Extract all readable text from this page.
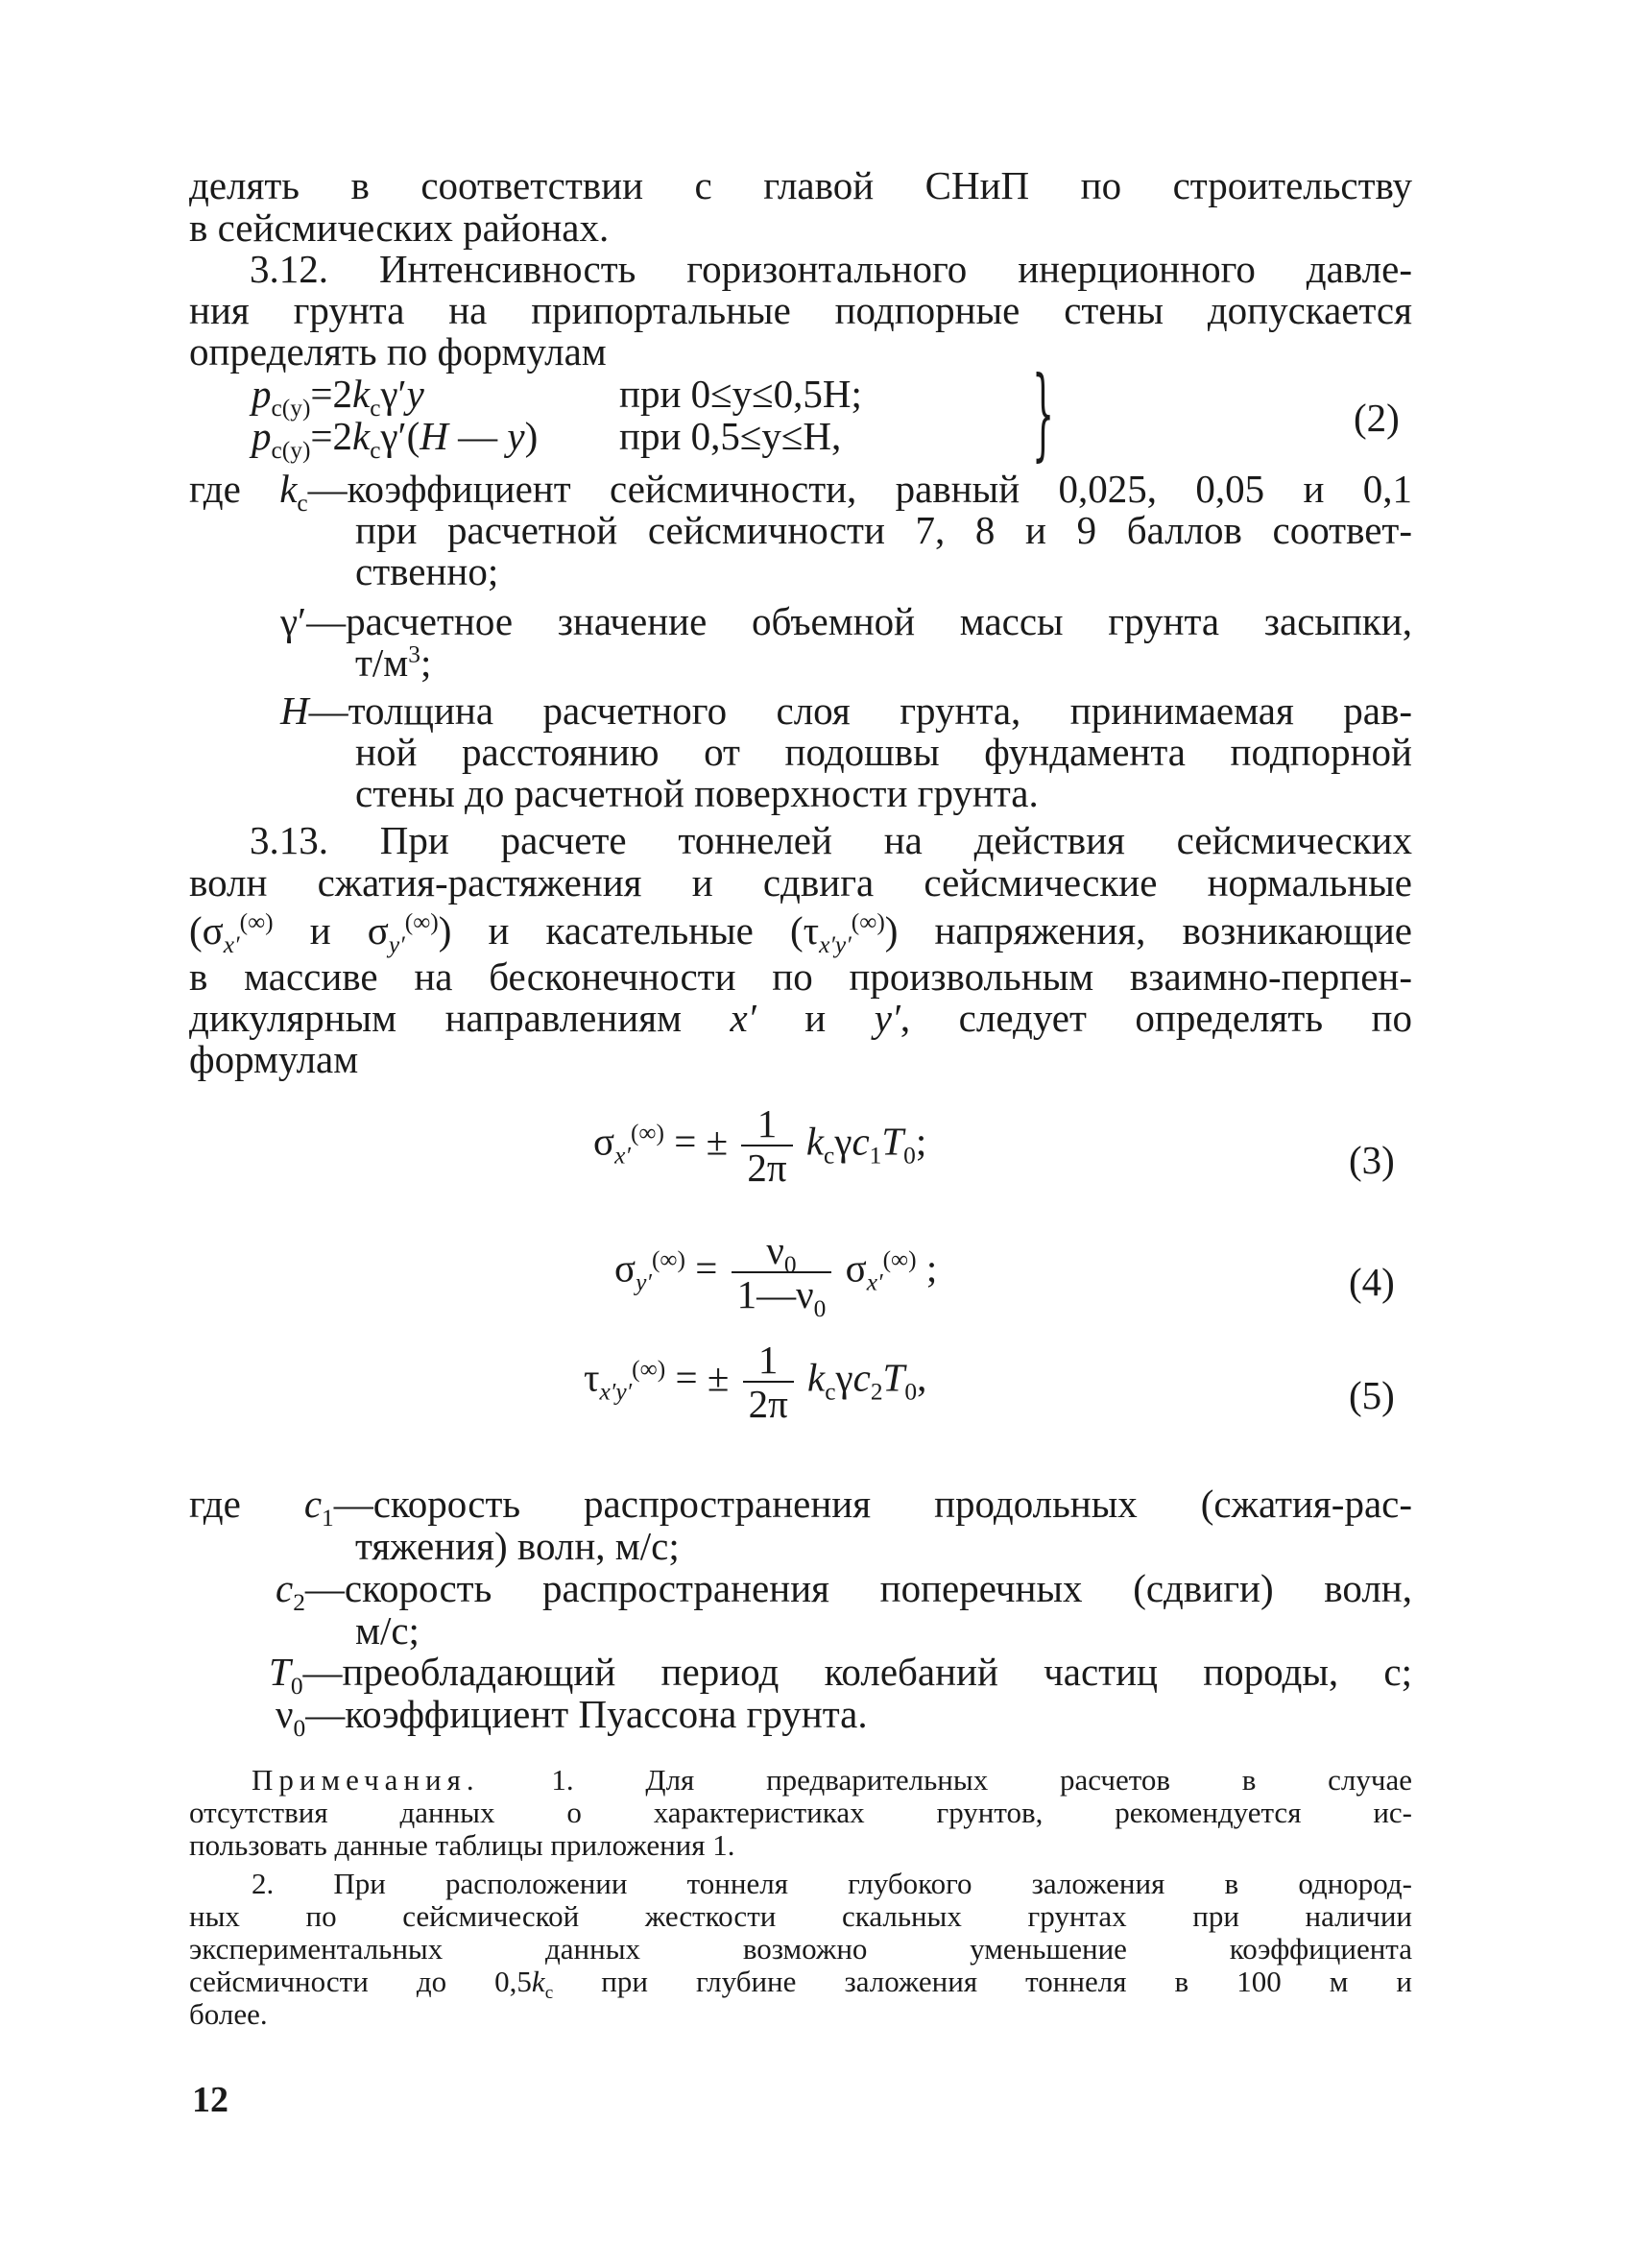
делять в соответствии с главой СНиП по строительству
в сейсмических районах.
3.12. Интенсивность горизонтального инерционного давле-
ния грунта на припортальные подпорные стены допускается
определять по формулам
$p_{c(y)}=2k_c\gamma'y$	при 0≤y≤0,5H;
$p_{c(y)}=2k_c\gamma'(H$ — y) при 0,5≤y≤H, }	(2)
где $k_c—коэффициент$ сейсмичности, равный 0,025, 0,05 и 0,1
при расчетной сейсмичности 7, 8 и 9 баллов соответ-
ственно;
γ′—расчетное значение объемной массы грунта засыпки,
$т/м^3$;
H—толщина расчетного слоя грунта, принимаемая рав-
ной расстоянию от подошвы фундамента подпорной
стены до расчетной поверхности грунта.
3.13. При расчете тоннелей на действия сейсмических
волн сжатия-растяжения и сдвига сейсмические нормальные
($\sigma_{x'}^{(\infty)}$ и $\sigma_{y'}^{(\infty)}$) и касательные $(\tau_{x'y'}^{(\infty)})$ напряжения, возникающие
в массиве на бесконечности по произвольным взаимно-перпен-
дикулярным направлениям x′ и y′, следует определять по
формулам
$\sigma_{x'}^{(\infty)}$ = ± $\frac{1}{2\pi} k_c\gamma c_1T_0$;	(3)
$\sigma_{y'}^{(\infty)} = \frac{\nu_0}{1—\nu_0} \sigma_{x'}^{(\infty)}$ ;	(4)
$\tau_{x'y'}^{(\infty)}$ = ± $\frac{1}{2\pi} k_c\gamma c_2T_0$,	(5)
где $c_1—скорость$ распространения продольных (сжатия-рас-
тяжения) волн, м/с;
$c_2—скорость$ распространения поперечных (сдвиги) волн,
м/с;
$T_0—преобладающий$ период колебаний частиц породы, с;
$\nu_0—коэффициент$ Пуассона грунта.
Примечания. 1. Для предварительных расчетов в случае
отсутствия данных о характеристиках грунтов, рекомендуется ис-
пользовать данные таблицы приложения 1.
2. При расположении тоннеля глубокого заложения в однород-
ных по сейсмической жесткости скальных грунтах при наличии
экспериментальных данных возможно уменьшение коэффициента
сейсмичности до $0,5k_c$ при глубине заложения тоннеля в 100 м и
более.
12
